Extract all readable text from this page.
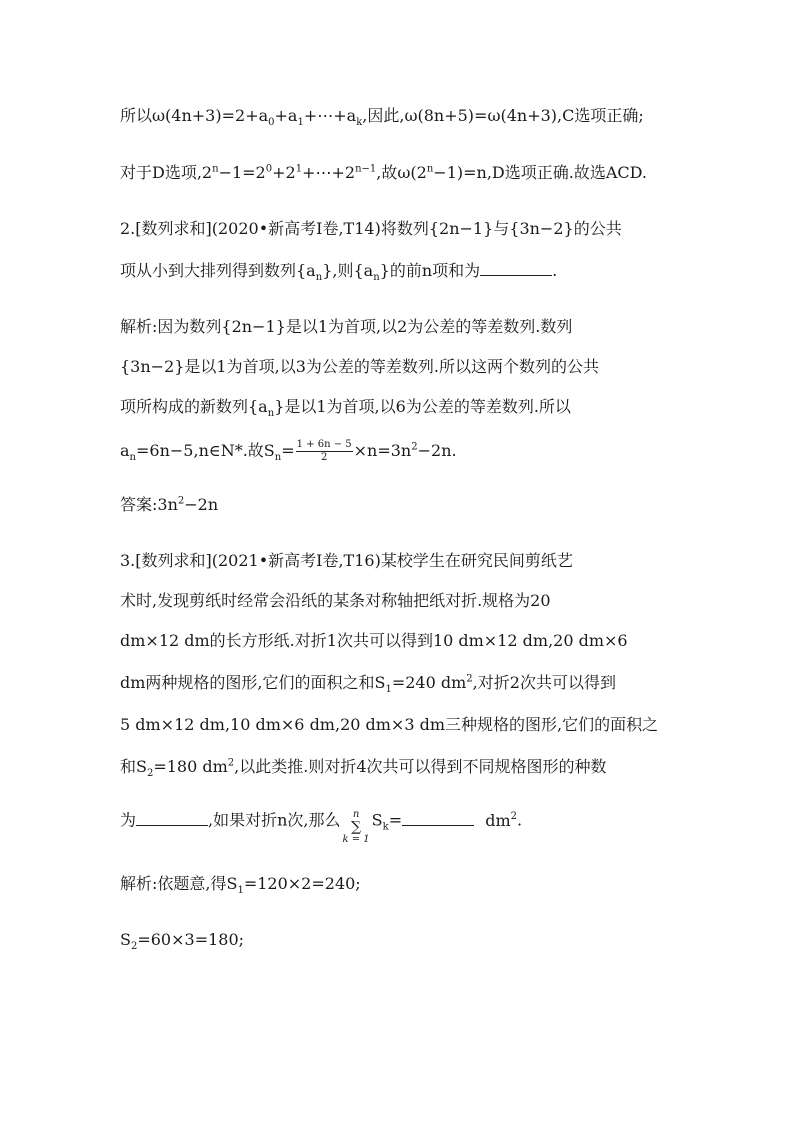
所以$\omega(4n+3)=2+a_0+a_1+\cdots+a_k$,因此,ω(8n+5)=ω(4n+3),C选项正确;
对于D选项$,2^n-1=2^0+2^1+\cdots+2^{n-1}$,故$\omega(2^n-1)=n,D$选项正确.故选ACD.
2.[数列求和](2020•新高考Ⅰ卷,T14)将数列{2n−1}与{3n−2}的公共
项从小到大排列得到数列$\{a_n\}$,则$\{a_n\}$的前n项和为	.
解析:因为数列{2n−1}是以1为首项,以2为公差的等差数列.数列
{3n−2}是以1为首项,以3为公差的等差数列.所以这两个数列的公共
项所构成的新数列$\{a_n\}$是以1为首项,以6为公差的等差数列.所以
$a_n=6n-5,n\in N*$.故$S_n= \frac{1 + 6n - 5}{2} \times n=3n^2-2n$.
答案$:3n^2-2n$
3.[数列求和](2021•新高考Ⅰ卷,T16)某校学生在研究民间剪纸艺
术时,发现剪纸时经常会沿纸的某条对称轴把纸对折.规格为20
dm×12 dm的长方形纸.对折1次共可以得到10 dm×12 dm,20 dm×6
dm两种规格的图形,它们的面积之和$S_1=240$ $dm^2$,对折2次共可以得到
5 dm×12 dm,10 dm×6 dm,20 dm×3 dm三种规格的图形,它们的面积之
和$S_2=180$ $dm^2$,以此类推.则对折4次共可以得到不同规格图形的种数
为	,如果对折n次,那么	n
∑
k = 1
$S_k=$	$dm^2$.
解析:依题意,得$S_1=120\times 2=240$;
$S_2=60\times 3=180$;
